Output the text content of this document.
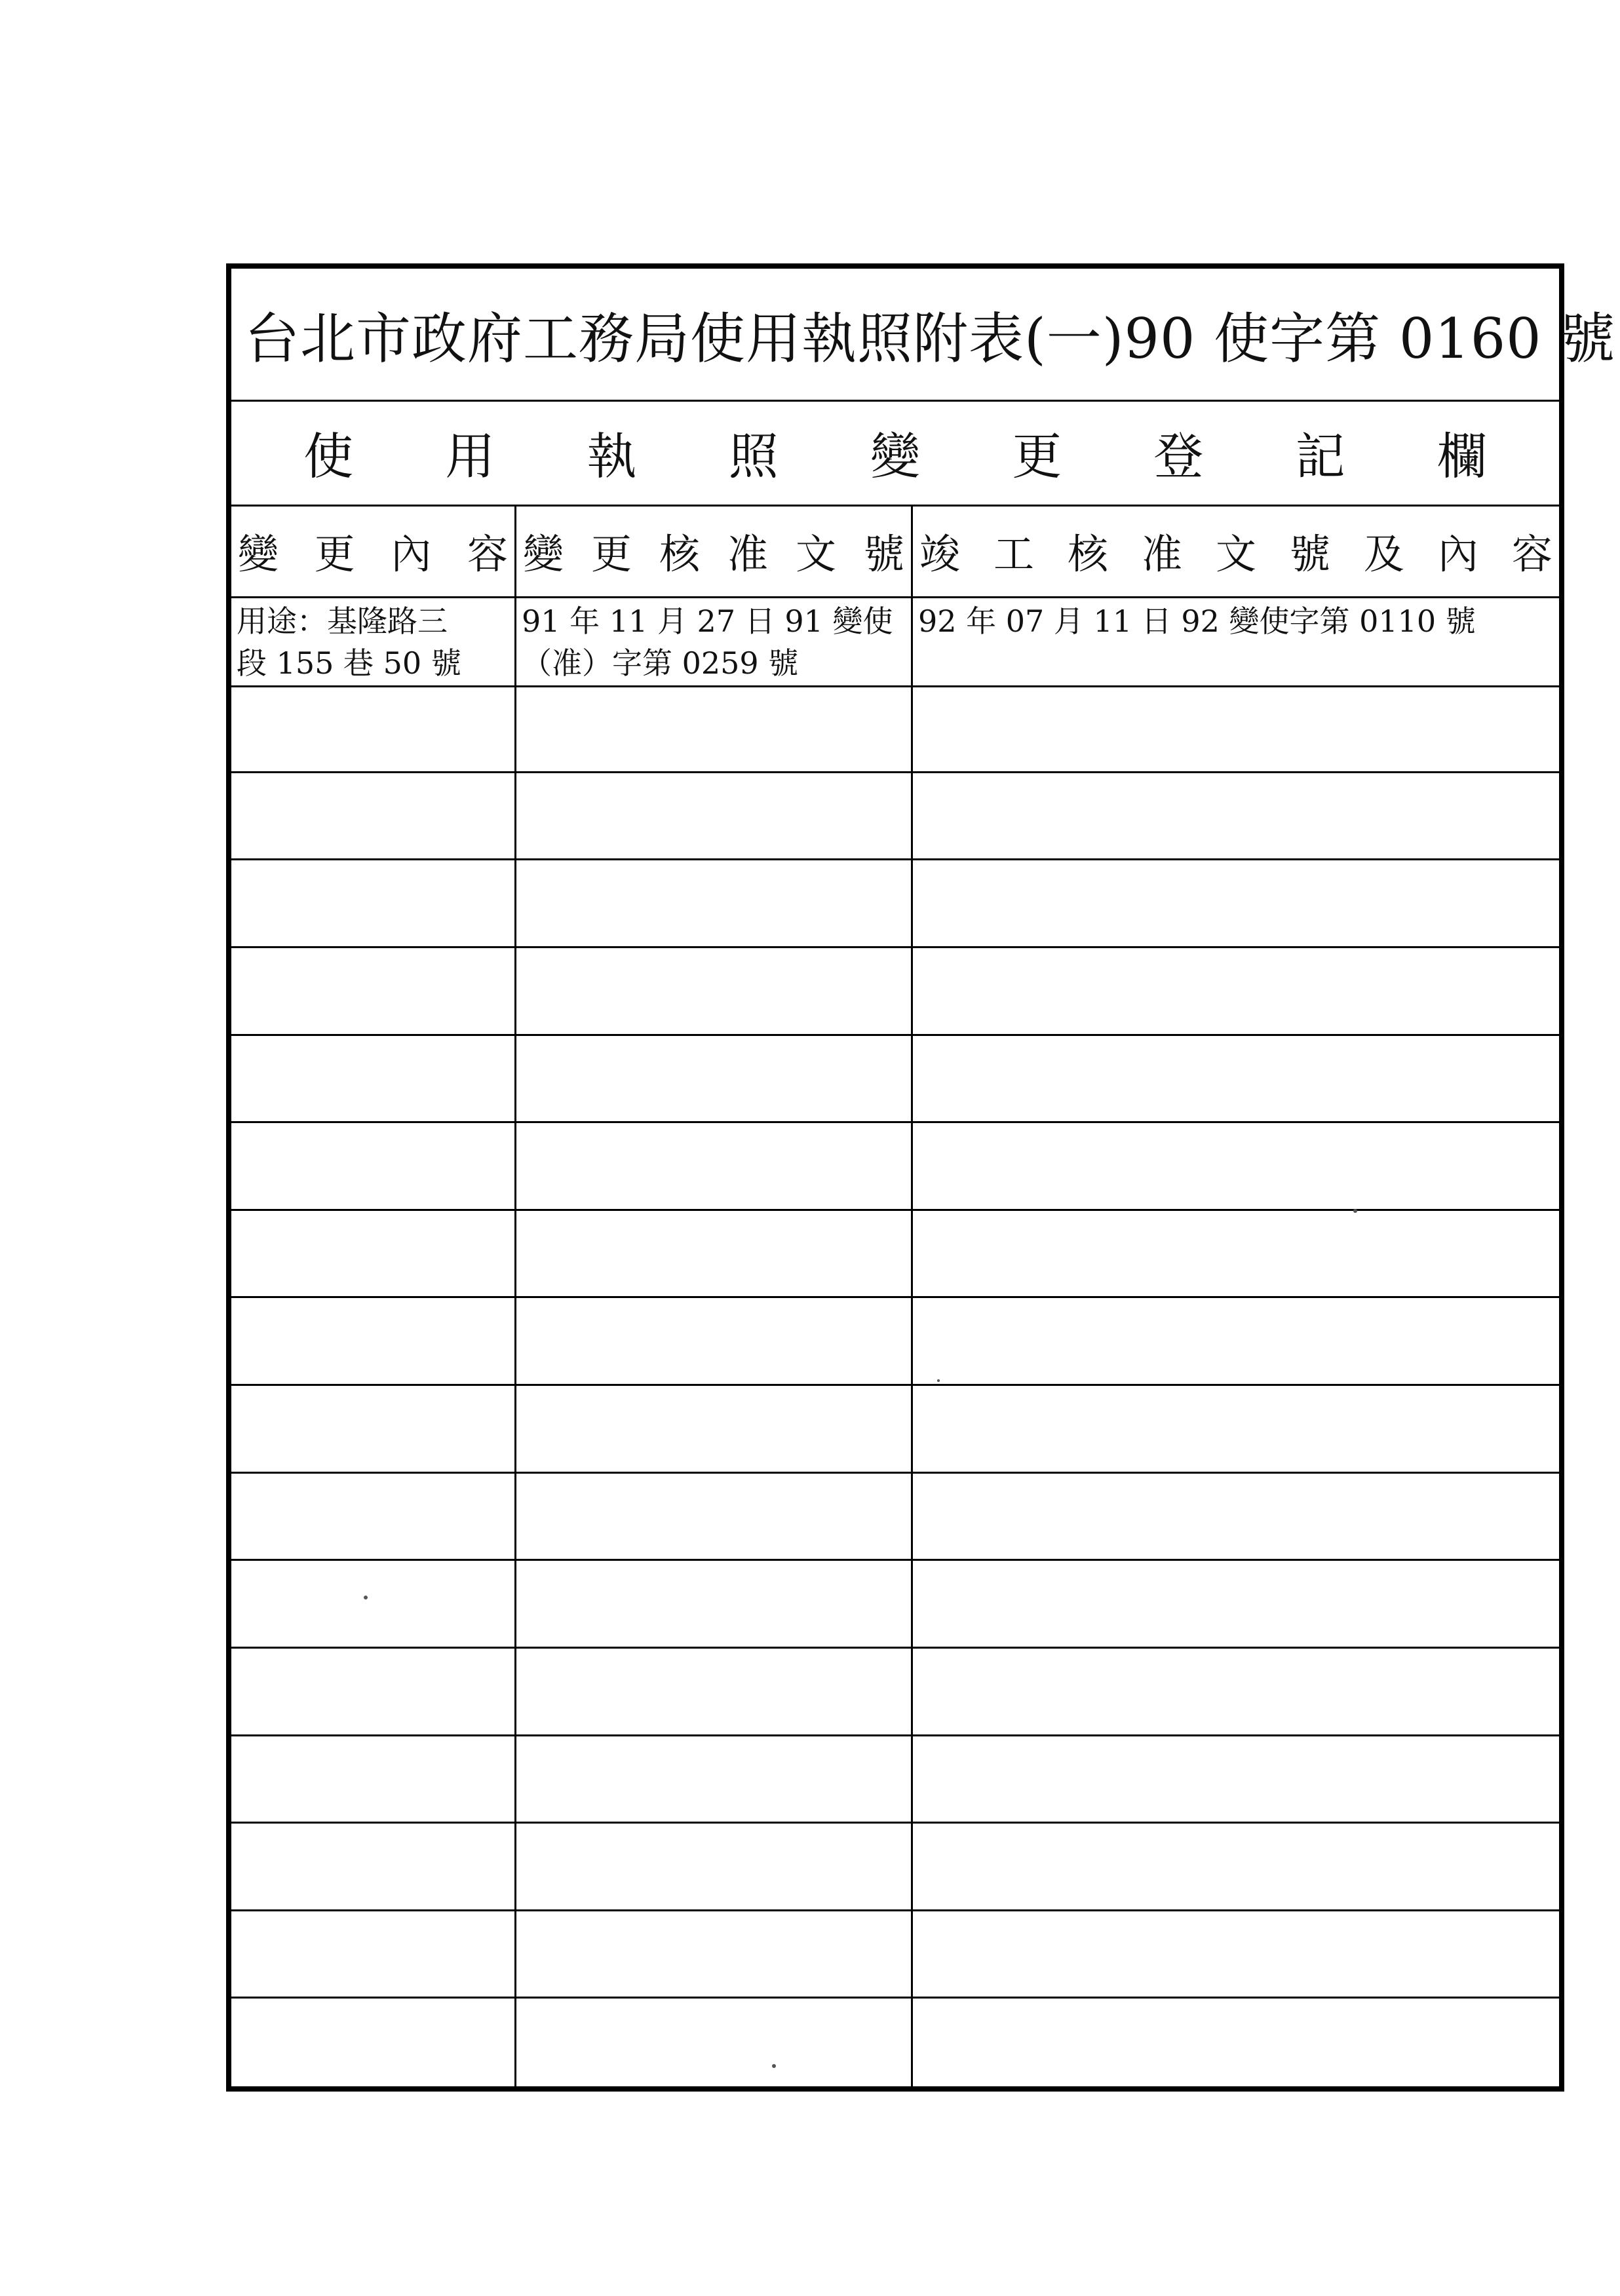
台北市政府工務局使用執照附表(一)90 使字第 0160 號
使 用 執 照 變 更 登 記 欄
變 更 內 容 變 更 核 准 文 號 竣 工 核 准 文 號 及 內 容
用途：基隆路三
段 155 巷 50 號
91 年 11 月 27 日 91 變使
（准）字第 0259 號
92 年 07 月 11 日 92 變使字第 0110 號
